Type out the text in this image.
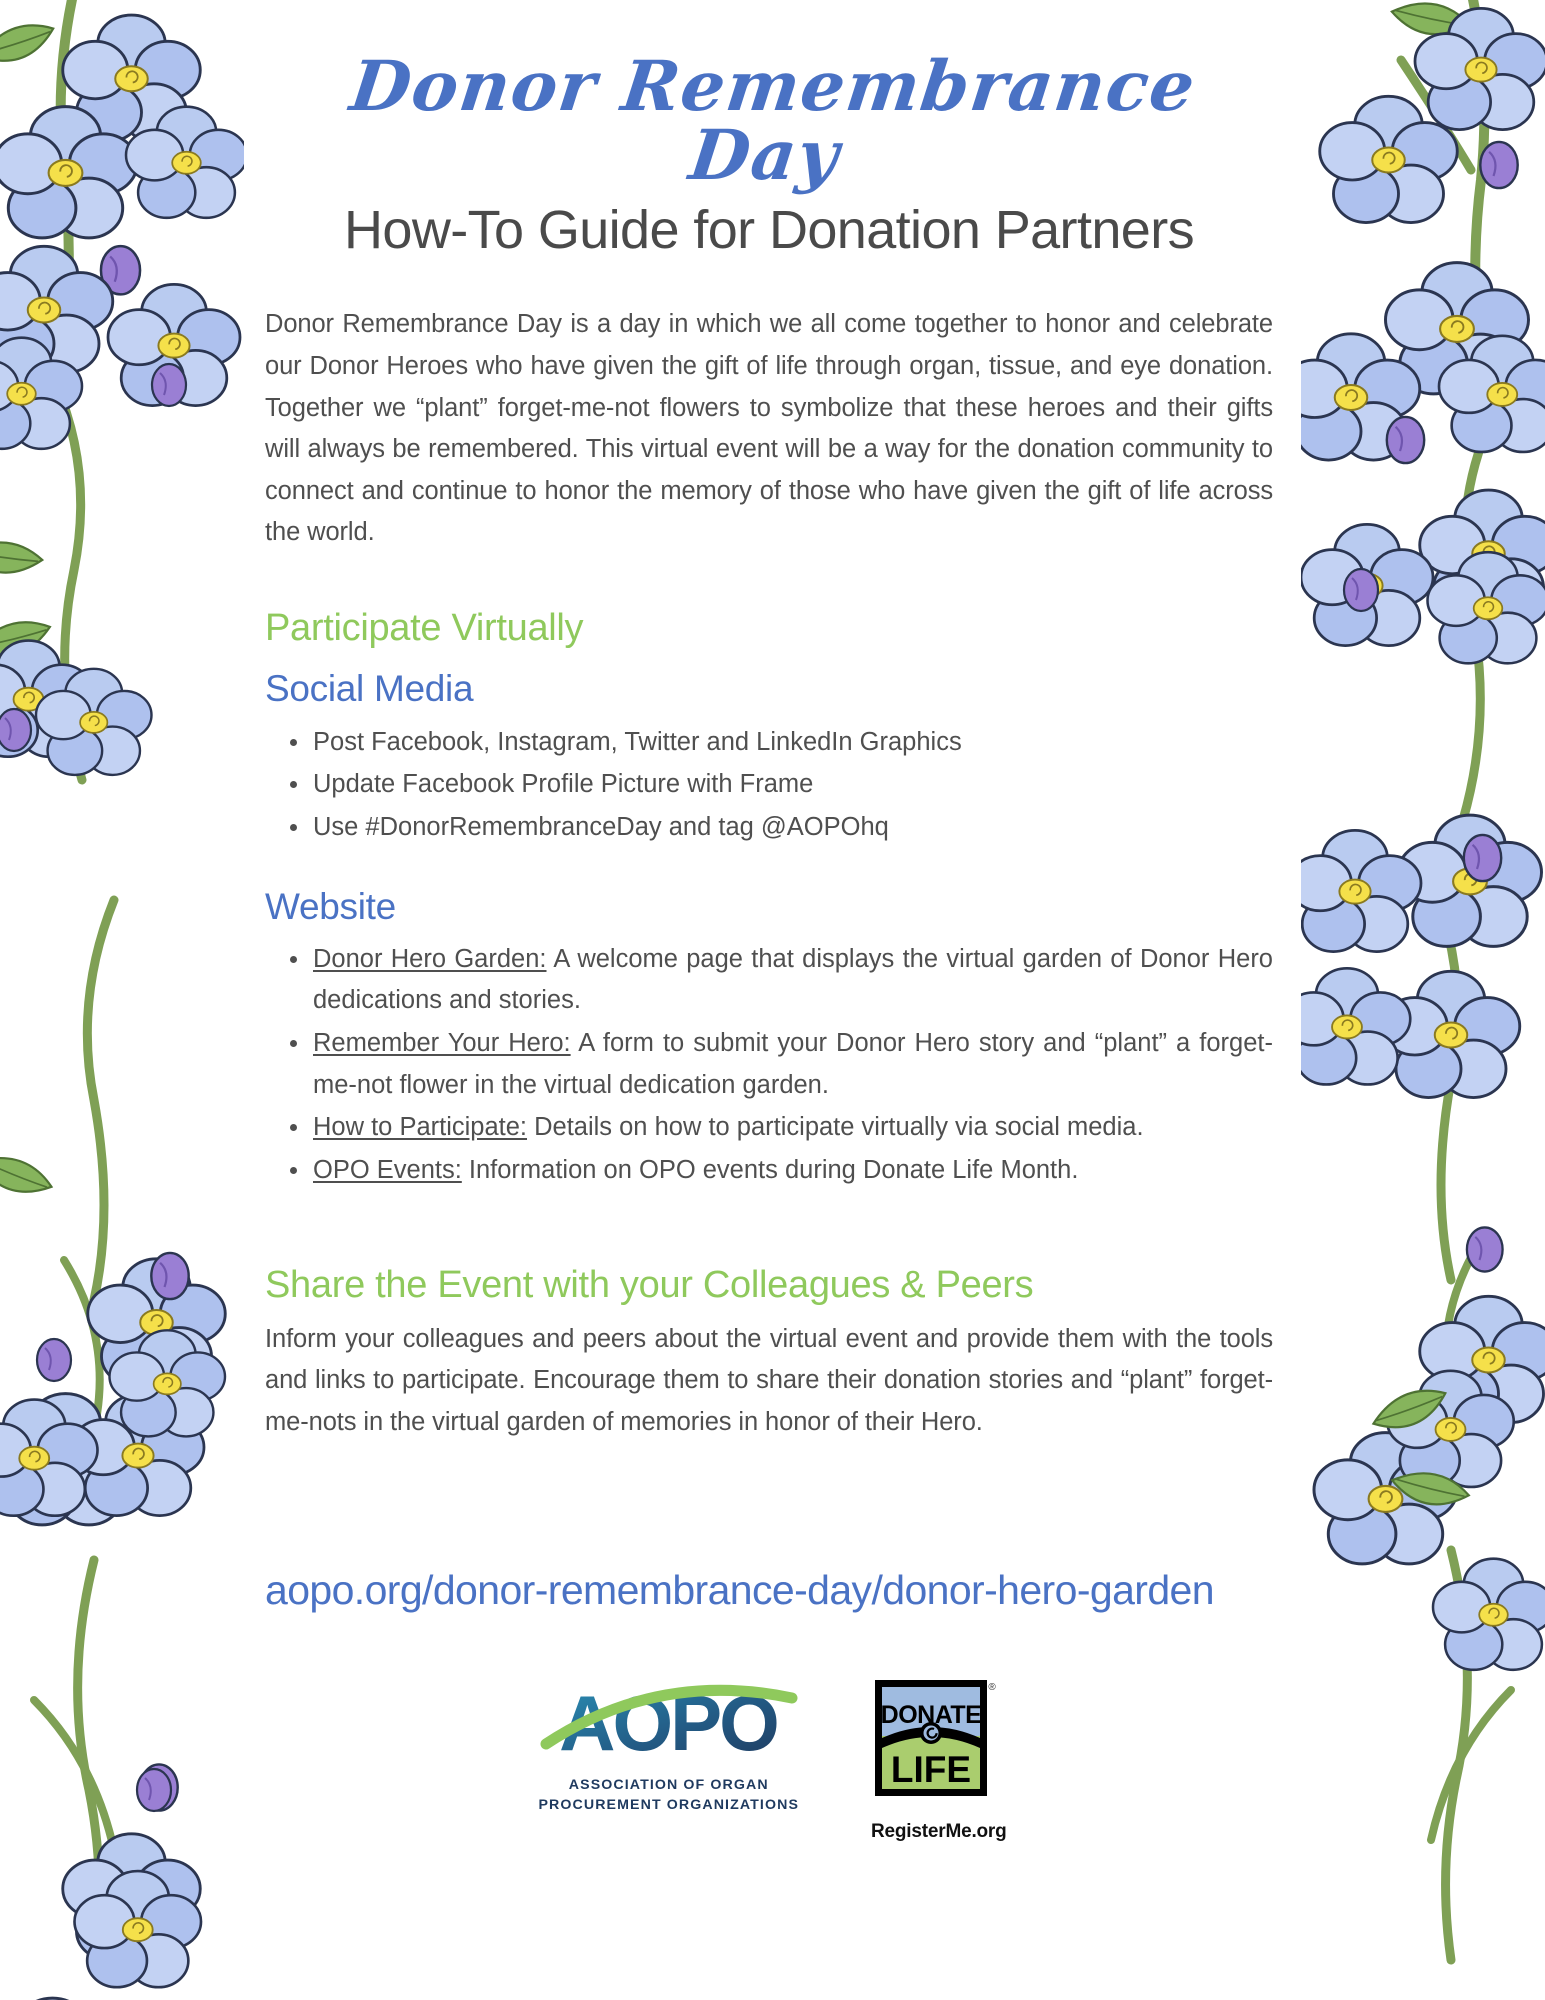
Donor Remembrance Day
How-To Guide for Donation Partners

Donor Remembrance Day is a day in which we all come together to honor and celebrate our Donor Heroes who have given the gift of life through organ, tissue, and eye donation. Together we “plant” forget-me-not flowers to symbolize that these heroes and their gifts will always be remembered. This virtual event will be a way for the donation community to connect and continue to honor the memory of those who have given the gift of life across the world.

Participate Virtually
Social Media
Post Facebook, Instagram, Twitter and LinkedIn Graphics
Update Facebook Profile Picture with Frame
Use #DonorRemembranceDay and tag @AOPOhq
Website
Donor Hero Garden: A welcome page that displays the virtual garden of Donor Hero dedications and stories.
Remember Your Hero: A form to submit your Donor Hero story and “plant” a forget-me-not flower in the virtual dedication garden.
How to Participate: Details on how to participate virtually via social media.
OPO Events: Information on OPO events during Donate Life Month.
Share the Event with your Colleagues & Peers

Inform your colleagues and peers about the virtual event and provide them with the tools and links to participate. Encourage them to share their donation stories and “plant” forget-me-nots in the virtual garden of memories in honor of their Hero.

aopo.org/donor-remembrance-day/donor-hero-garden
AOPO
ASSOCIATION OF ORGAN
PROCUREMENT ORGANIZATIONS
DONATE
LIFE
®
RegisterMe.org
